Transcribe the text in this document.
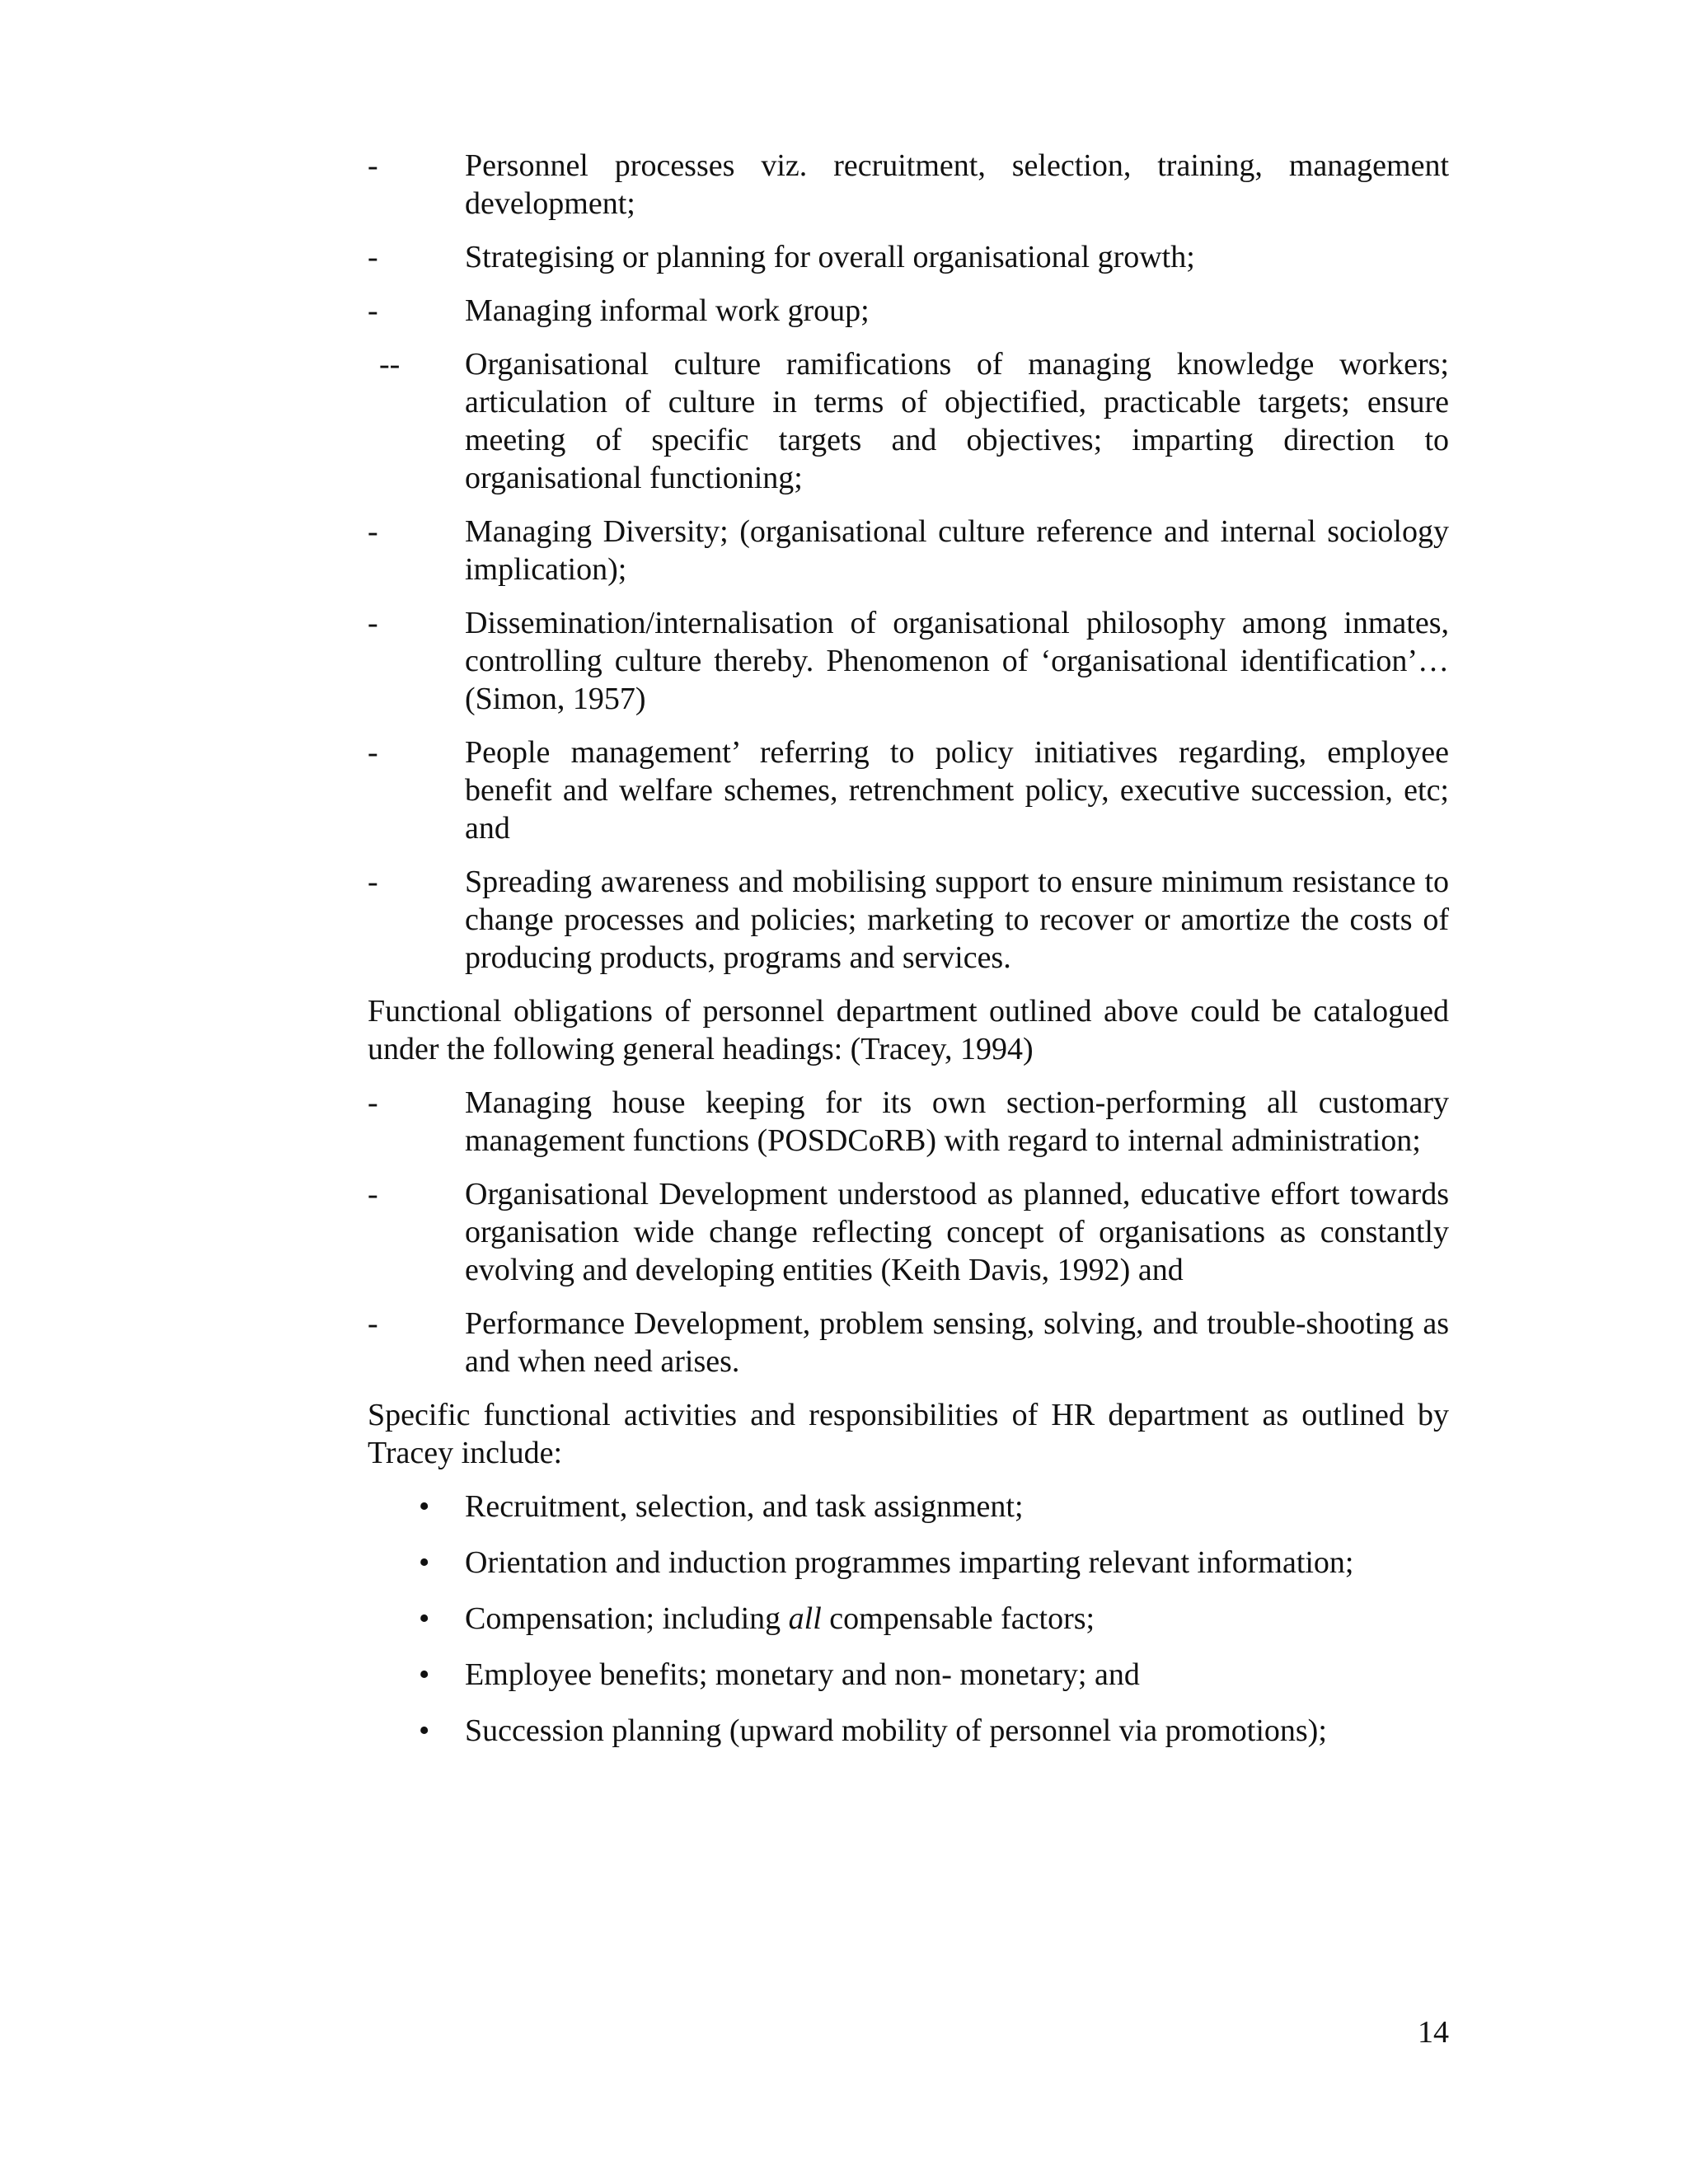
-	Personnel processes viz. recruitment, selection, training, management development;
-	Strategising or planning for overall organisational growth;
-	Managing informal work group;
--	Organisational culture ramifications of managing knowledge workers; articulation of culture in terms of objectified, practicable targets; ensure meeting of specific targets and objectives; imparting direction to organisational functioning;
-	Managing Diversity; (organisational culture reference and internal sociology implication);
-	Dissemination/internalisation of organisational philosophy among inmates, controlling culture thereby. Phenomenon of ‘organisational identification’… (Simon, 1957)
-	People management’ referring to policy initiatives regarding, employee benefit and welfare schemes, retrenchment policy, executive succession, etc; and
-	Spreading awareness and mobilising support to ensure minimum resistance to change processes and policies; marketing to recover or amortize the costs of producing products, programs and services.
Functional obligations of personnel department outlined above could be catalogued under the following general headings: (Tracey, 1994)
-	Managing house keeping for its own section-performing all customary management functions (POSDCoRB) with regard to internal administration;
-	Organisational Development understood as planned, educative effort towards organisation wide change reflecting concept of organisations as constantly evolving and developing entities (Keith Davis, 1992) and
-	Performance Development, problem sensing, solving, and trouble-shooting as and when need arises.
Specific functional activities and responsibilities of HR department as outlined by Tracey include:
•	Recruitment, selection, and task assignment;
•	Orientation and induction programmes imparting relevant information;
•	Compensation; including all compensable factors;
•	Employee benefits; monetary and non- monetary; and
•	Succession planning (upward mobility of personnel via promotions);
14
